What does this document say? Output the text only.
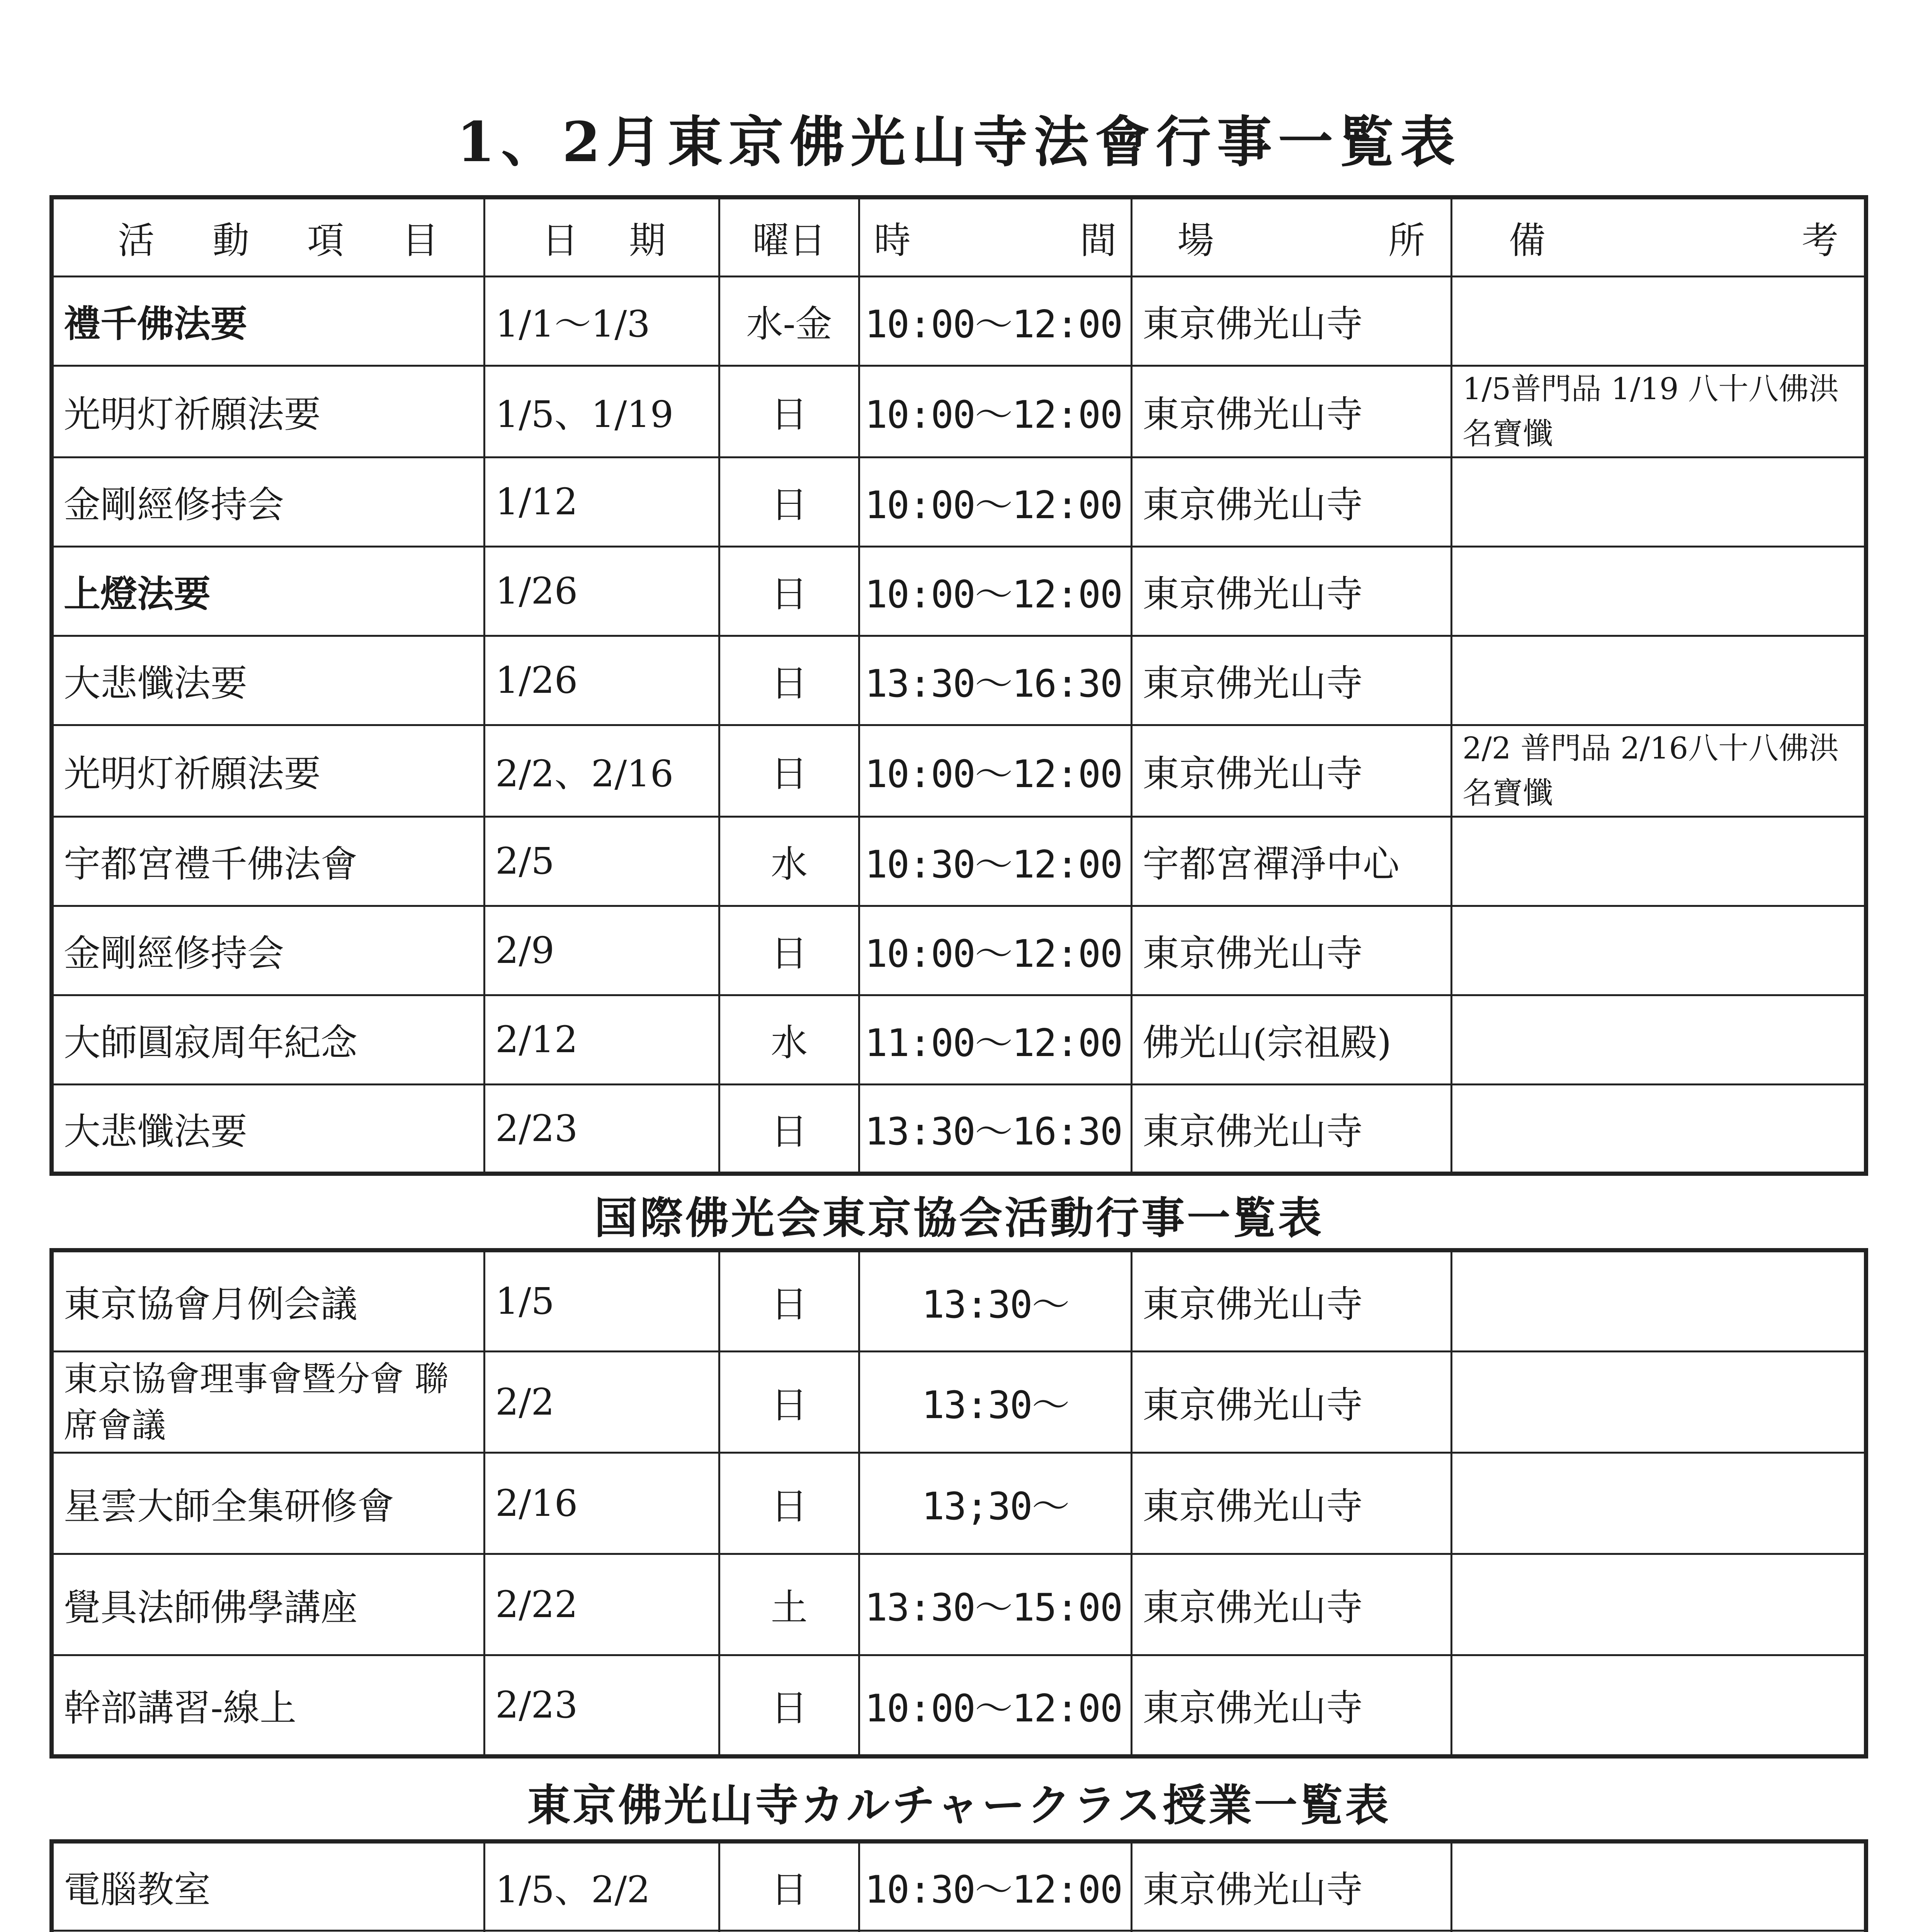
1、2月東京佛光山寺法會行事一覧表
活 動 項 目	日 期	曜日	時 間	場 所	備 考

禮千佛法要	1/1～1/3	水-金	10:00～12:00	東京佛光山寺	
光明灯祈願法要	1/5、1/19	日	10:00～12:00	東京佛光山寺	1/5普門品 1/19 八十八佛洪名寶懺
金剛經修持会	1/12	日	10:00～12:00	東京佛光山寺	
上燈法要	1/26	日	10:00～12:00	東京佛光山寺	
大悲懺法要	1/26	日	13:30～16:30	東京佛光山寺	
光明灯祈願法要	2/2、2/16	日	10:00～12:00	東京佛光山寺	2/2 普門品 2/16八十八佛洪名寶懺
宇都宮禮千佛法會	2/5	水	10:30～12:00	宇都宮禪淨中心	
金剛經修持会	2/9	日	10:00～12:00	東京佛光山寺	
大師圓寂周年紀念	2/12	水	11:00～12:00	佛光山(宗祖殿)	
大悲懺法要	2/23	日	13:30～16:30	東京佛光山寺	
国際佛光会東京協会活動行事一覧表
東京協會月例会議	1/5	日	13:30～	東京佛光山寺	
東京協會理事會暨分會 聯席會議	2/2	日	13:30～	東京佛光山寺	
星雲大師全集研修會	2/16	日	13;30～	東京佛光山寺	
覺具法師佛學講座	2/22	土	13:30～15:00	東京佛光山寺	
幹部講習-線上	2/23	日	10:00～12:00	東京佛光山寺	
東京佛光山寺カルチャークラス授業一覧表
電腦教室	1/5、2/2	日	10:30～12:00	東京佛光山寺	
